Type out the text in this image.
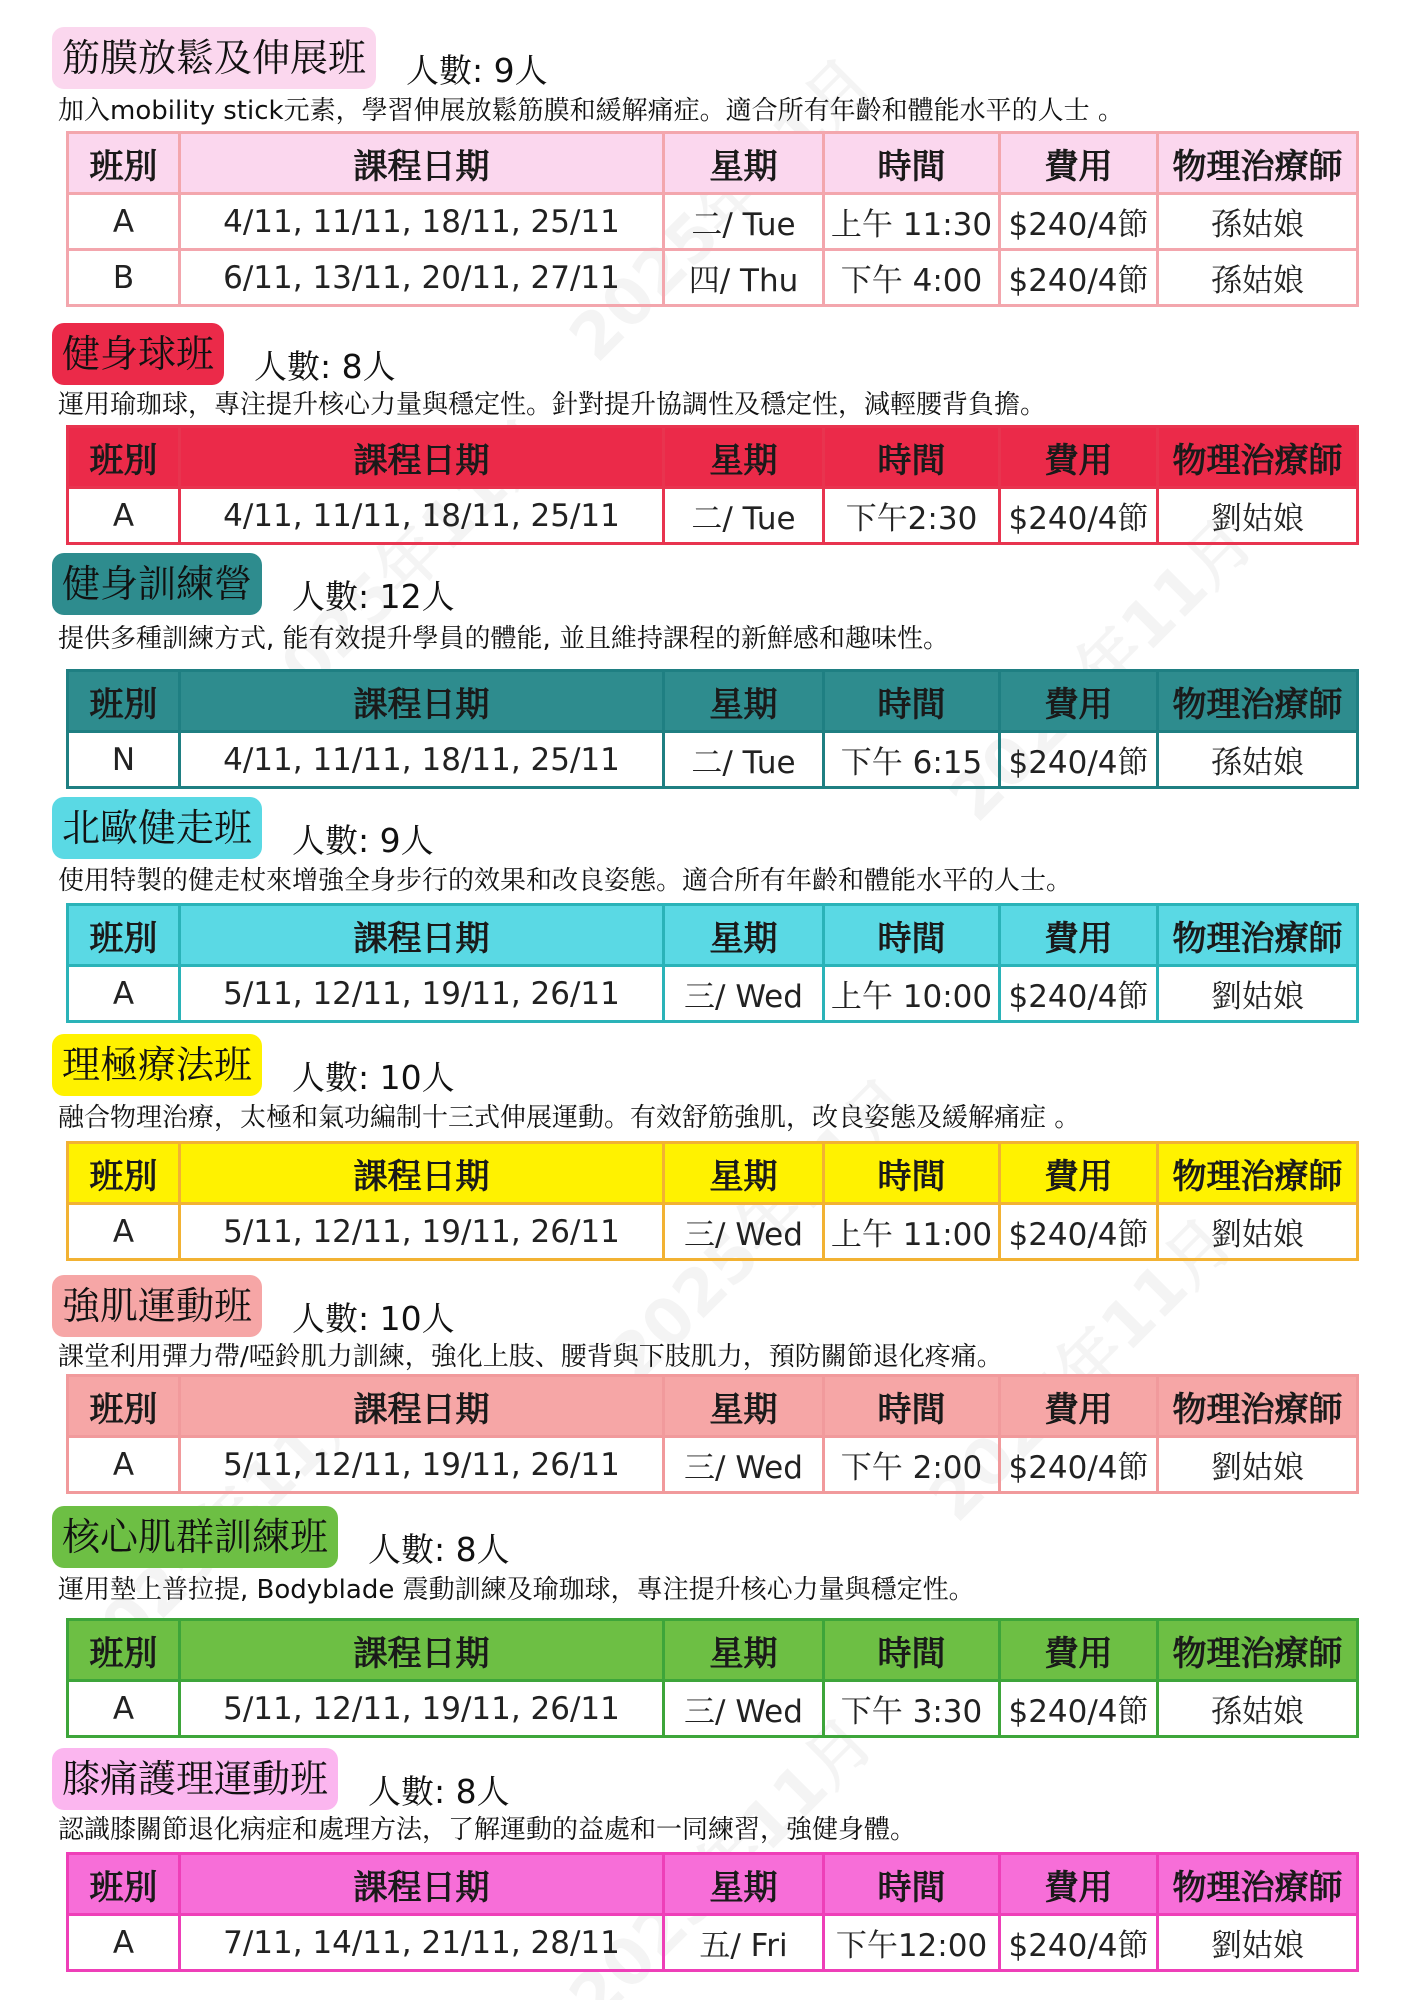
筋膜放鬆及伸展班	人數: 9人
加入mobility stick元素，學習伸展放鬆筋膜和緩解痛症。適合所有年齡和體能水平的人士 。
班別	課程日期	星期	時間	費用	物理治療師
A	4/11, 11/11, 18/11, 25/11	二/ Tue	上午 11:30	$240/4節	孫姑娘
B	6/11, 13/11, 20/11, 27/11	四/ Thu	下午 4:00	$240/4節	孫姑娘
健身球班	人數: 8人
運用瑜珈球，專注提升核心力量與穩定性。針對提升協調性及穩定性，減輕腰背負擔。
班別	課程日期	星期	時間	費用	物理治療師
A	4/11, 11/11, 18/11, 25/11	二/ Tue	下午2:30	$240/4節	劉姑娘
健身訓練營	人數: 12人
提供多種訓練方式, 能有效提升學員的體能, 並且維持課程的新鮮感和趣味性。
班別	課程日期	星期	時間	費用	物理治療師
N	4/11, 11/11, 18/11, 25/11	二/ Tue	下午 6:15	$240/4節	孫姑娘
北歐健走班	人數: 9人
使用特製的健走杖來增強全身步行的效果和改良姿態。適合所有年齡和體能水平的人士。
班別	課程日期	星期	時間	費用	物理治療師
A	5/11, 12/11, 19/11, 26/11	三/ Wed	上午 10:00	$240/4節	劉姑娘
理極療法班	人數: 10人
融合物理治療，太極和氣功編制十三式伸展運動。有效舒筋強肌，改良姿態及緩解痛症 。
班別	課程日期	星期	時間	費用	物理治療師
A	5/11, 12/11, 19/11, 26/11	三/ Wed	上午 11:00	$240/4節	劉姑娘
強肌運動班	人數: 10人
課堂利用彈力帶/啞鈴肌力訓練，強化上肢、腰背與下肢肌力，預防關節退化疼痛。
班別	課程日期	星期	時間	費用	物理治療師
A	5/11, 12/11, 19/11, 26/11	三/ Wed	下午 2:00	$240/4節	劉姑娘
核心肌群訓練班	人數: 8人
運用墊上普拉提, Bodyblade 震動訓練及瑜珈球，專注提升核心力量與穩定性。
班別	課程日期	星期	時間	費用	物理治療師
A	5/11, 12/11, 19/11, 26/11	三/ Wed	下午 3:30	$240/4節	孫姑娘
膝痛護理運動班	人數: 8人
認識膝關節退化病症和處理方法，了解運動的益處和一同練習，強健身體。
班別	課程日期	星期	時間	費用	物理治療師
A	7/11, 14/11, 21/11, 28/11	五/ Fri	下午12:00	$240/4節	劉姑娘
